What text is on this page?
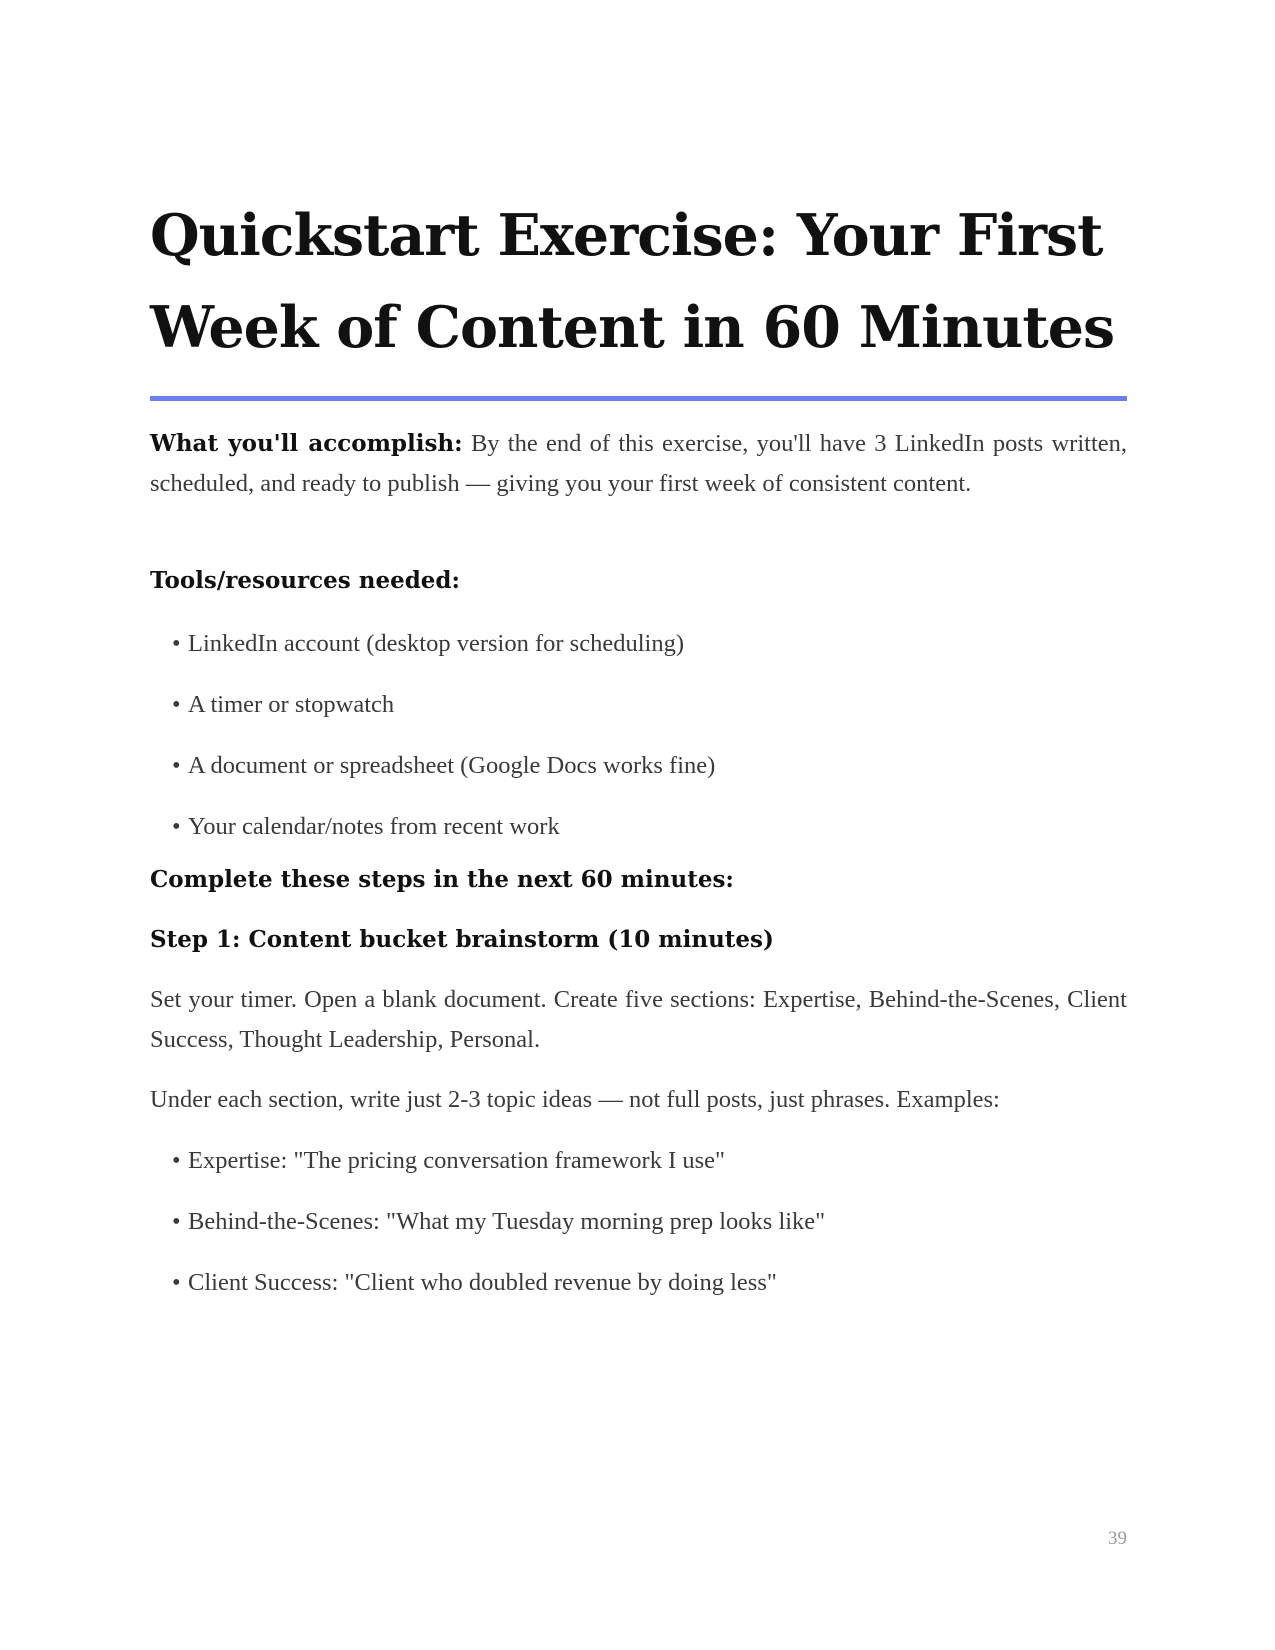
Quickstart Exercise: Your First Week of Content in 60 Minutes

What you'll accomplish: By the end of this exercise, you'll have 3 LinkedIn posts written, scheduled, and ready to publish — giving you your first week of consistent content.

Tools/resources needed:
• LinkedIn account (desktop version for scheduling)
• A timer or stopwatch
• A document or spreadsheet (Google Docs works fine)
• Your calendar/notes from recent work
Complete these steps in the next 60 minutes:
Step 1: Content bucket brainstorm (10 minutes)

Set your timer. Open a blank document. Create five sections: Expertise, Behind-the-Scenes, Client Success, Thought Leadership, Personal.

Under each section, write just 2-3 topic ideas — not full posts, just phrases. Examples:

• Expertise: "The pricing conversation framework I use"
• Behind-the-Scenes: "What my Tuesday morning prep looks like"
• Client Success: "Client who doubled revenue by doing less"

39
